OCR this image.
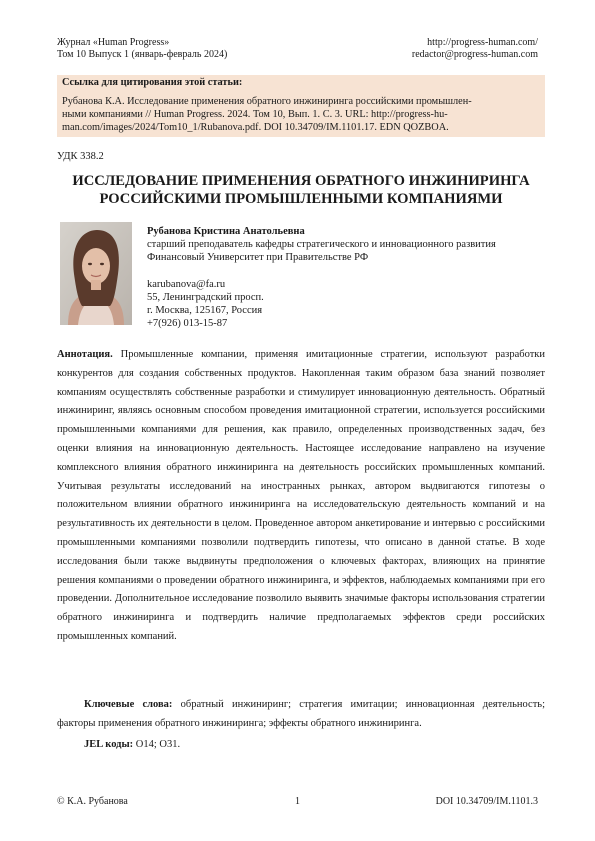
Журнал «Human Progress»
Том 10 Выпуск 1 (январь-февраль 2024)
http://progress-human.com/
redactor@progress-human.com
Ссылка для цитирования этой статьи:
Рубанова К.А. Исследование применения обратного инжиниринга российскими промышлен-
ными компаниями // Human Progress. 2024. Том 10, Вып. 1. С. 3. URL: http://progress-hu-
man.com/images/2024/Tom10_1/Rubanova.pdf. DOI 10.34709/IM.1101.17. EDN QOZBOA.
УДК 338.2
ИССЛЕДОВАНИЕ ПРИМЕНЕНИЯ ОБРАТНОГО ИНЖИНИРИНГА
РОССИЙСКИМИ ПРОМЫШЛЕННЫМИ КОМПАНИЯМИ
Рубанова Кристина Анатольевна
старший преподаватель кафедры стратегического и инновационного развития
Финансовый Университет при Правительстве РФ
karubanova@fa.ru
55, Ленинградский просп.
г. Москва, 125167, Россия
+7(926) 013-15-87
Аннотация. Промышленные компании, применяя имитационные стратегии, используют разработки конкурентов для создания собственных продуктов. Накопленная таким образом база знаний позволяет компаниям осуществлять собственные разработки и стимулирует инновационную деятельность. Обратный инжиниринг, являясь основным способом проведения имитационной стратегии, используется российскими промышленными компаниями для решения, как правило, определенных производственных задач, без оценки влияния на инновационную деятельность. Настоящее исследование направлено на изучение комплексного влияния обратного инжиниринга на деятельность российских промышленных компаний. Учитывая результаты исследований на иностранных рынках, автором выдвигаются гипотезы о положительном влиянии обратного инжиниринга на исследовательскую деятельность компаний и на результативность их деятельности в целом. Проведенное автором анкетирование и интервью с российскими промышленными компаниями позволили подтвердить гипотезы, что описано в данной статье. В ходе исследования были также выдвинуты предположения о ключевых факторах, влияющих на принятие решения компаниями о проведении обратного инжиниринга, и эффектов, наблюдаемых компаниями при его проведении. Дополнительное исследование позволило выявить значимые факторы использования стратегии обратного инжиниринга и подтвердить наличие предполагаемых эффектов среди российских промышленных компаний.
Ключевые слова: обратный инжиниринг; стратегия имитации; инновационная деятельность; факторы применения обратного инжиниринга; эффекты обратного инжиниринга.
JEL коды: O14; O31.
© К.А. Рубанова	1	DOI 10.34709/IM.1101.3
